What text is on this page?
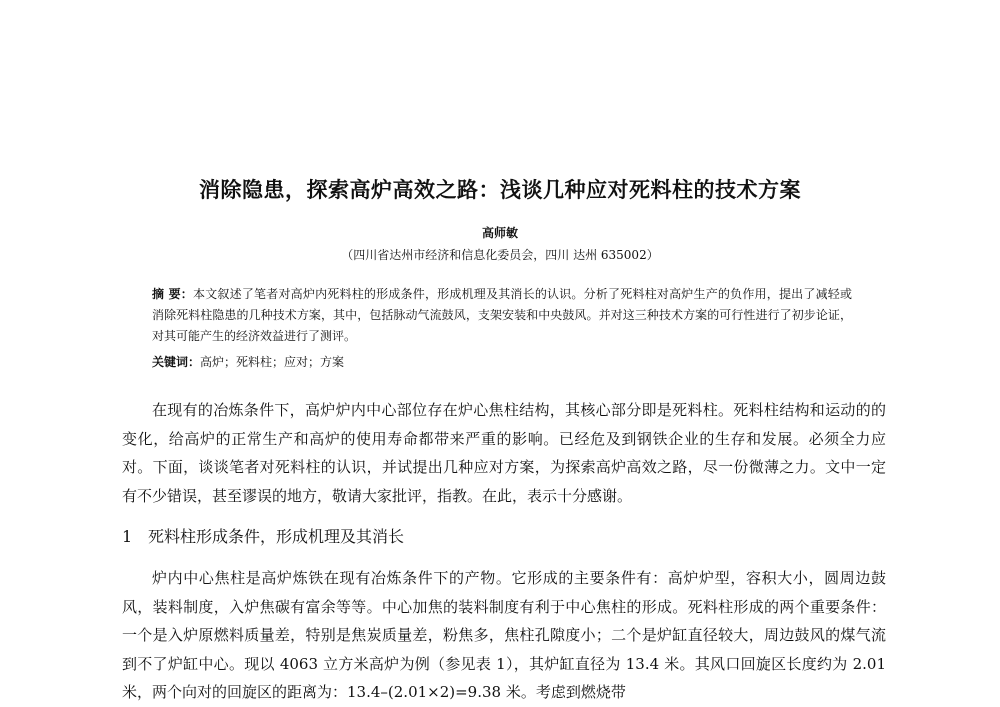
消除隐患，探索高炉高效之路：浅谈几种应对死料柱的技术方案
高师敏
（四川省达州市经济和信息化委员会，四川 达州 635002）
摘 要：本文叙述了笔者对高炉内死料柱的形成条件，形成机理及其消长的认识。分析了死料柱对高炉生产的负作用，提出了减轻或消除死料柱隐患的几种技术方案，其中，包括脉动气流鼓风，支架安装和中央鼓风。并对这三种技术方案的可行性进行了初步论证，对其可能产生的经济效益进行了测评。
关键词：高炉；死料柱；应对；方案
在现有的冶炼条件下，高炉炉内中心部位存在炉心焦柱结构，其核心部分即是死料柱。死料柱结构和运动的的变化，给高炉的正常生产和高炉的使用寿命都带来严重的影响。已经危及到钢铁企业的生存和发展。必须全力应对。下面，谈谈笔者对死料柱的认识，并试提出几种应对方案，为探索高炉高效之路，尽一份微薄之力。文中一定有不少错误，甚至谬误的地方，敬请大家批评，指教。在此，表示十分感谢。
1 死料柱形成条件，形成机理及其消长
炉内中心焦柱是高炉炼铁在现有冶炼条件下的产物。它形成的主要条件有：高炉炉型，容积大小，圆周边鼓风，装料制度，入炉焦碳有富余等等。中心加焦的装料制度有利于中心焦柱的形成。死料柱形成的两个重要条件：一个是入炉原燃料质量差，特别是焦炭质量差，粉焦多，焦柱孔隙度小；二个是炉缸直径较大，周边鼓风的煤气流到不了炉缸中心。现以 4063 立方米高炉为例（参见表 1），其炉缸直径为 13.4 米。其风口回旋区长度约为 2.01 米，两个向对的回旋区的距离为：13.4–(2.01×2)=9.38 米。考虑到燃烧带
